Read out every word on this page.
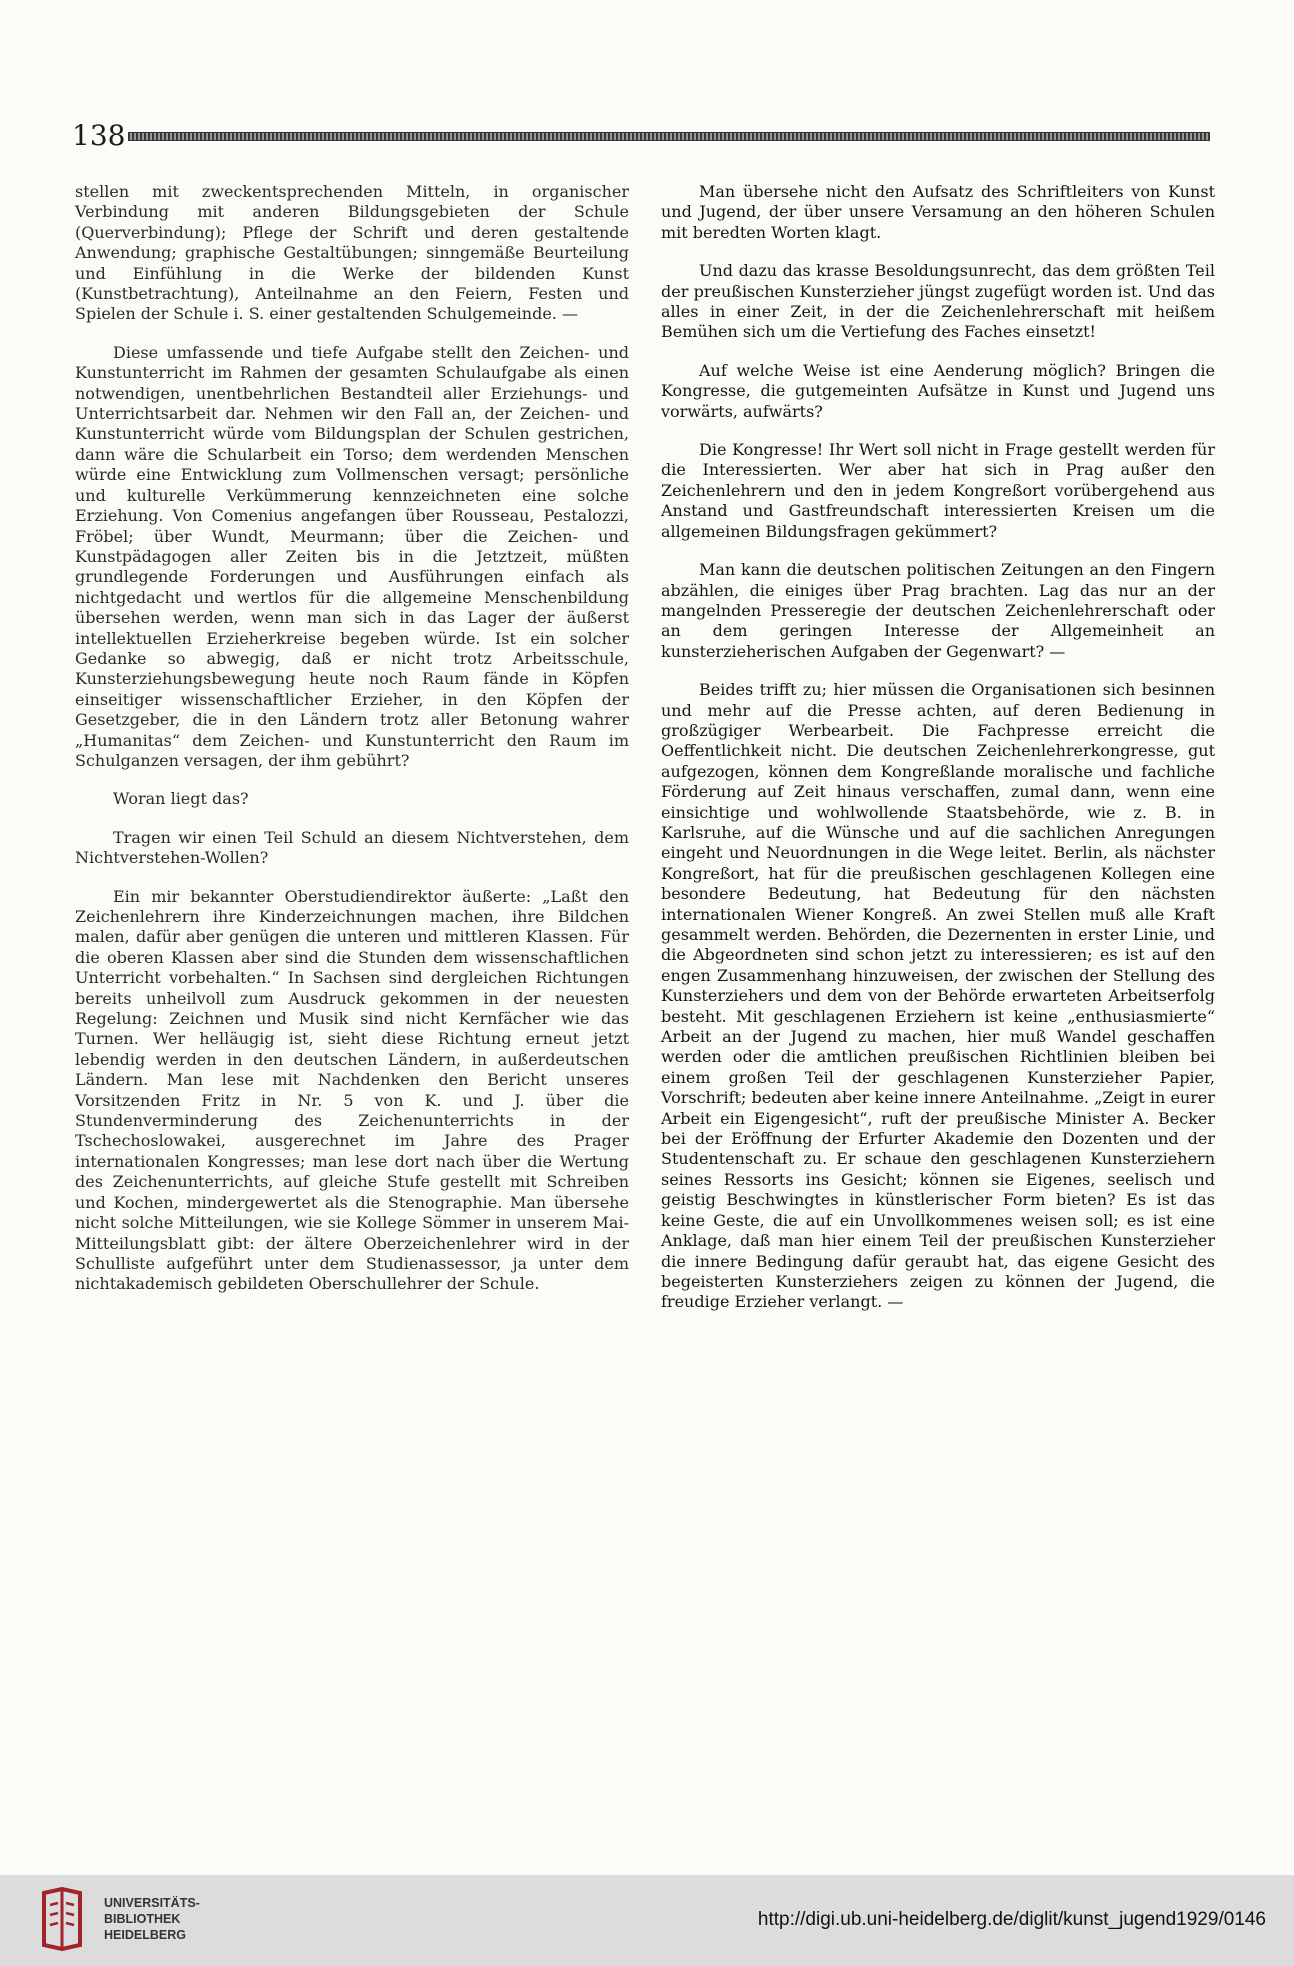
138

stellen mit zweckentsprechenden Mitteln, in organischer Verbindung mit anderen Bildungsgebieten der Schule (Querverbindung); Pflege der Schrift und deren gestaltende Anwendung; graphische Gestaltübungen; sinngemäße Beurteilung und Einfühlung in die Werke der bildenden Kunst (Kunstbetrachtung), Anteilnahme an den Feiern, Festen und Spielen der Schule i. S. einer gestaltenden Schulgemeinde. —

Diese umfassende und tiefe Aufgabe stellt den Zeichen- und Kunstunterricht im Rahmen der gesamten Schulaufgabe als einen notwendigen, unentbehrlichen Bestandteil aller Erziehungs- und Unterrichtsarbeit dar. Nehmen wir den Fall an, der Zeichen- und Kunstunterricht würde vom Bildungsplan der Schulen gestrichen, dann wäre die Schularbeit ein Torso; dem werdenden Menschen würde eine Entwicklung zum Vollmenschen versagt; persönliche und kulturelle Verkümmerung kennzeichneten eine solche Erziehung. Von Comenius angefangen über Rousseau, Pestalozzi, Fröbel; über Wundt, Meurmann; über die Zeichen- und Kunstpädagogen aller Zeiten bis in die Jetztzeit, müßten grundlegende Forderungen und Ausführungen einfach als nichtgedacht und wertlos für die allgemeine Menschenbildung übersehen werden, wenn man sich in das Lager der äußerst intellektuellen Erzieherkreise begeben würde. Ist ein solcher Gedanke so abwegig, daß er nicht trotz Arbeitsschule, Kunsterziehungsbewegung heute noch Raum fände in Köpfen einseitiger wissenschaftlicher Erzieher, in den Köpfen der Gesetzgeber, die in den Ländern trotz aller Betonung wahrer „Humanitas“ dem Zeichen- und Kunstunterricht den Raum im Schulganzen versagen, der ihm gebührt?

Woran liegt das?

Tragen wir einen Teil Schuld an diesem Nichtverstehen, dem Nichtverstehen-Wollen?

Ein mir bekannter Oberstudiendirektor äußerte: „Laßt den Zeichenlehrern ihre Kinderzeichnungen machen, ihre Bildchen malen, dafür aber genügen die unteren und mittleren Klassen. Für die oberen Klassen aber sind die Stunden dem wissenschaftlichen Unterricht vorbehalten.“ In Sachsen sind dergleichen Richtungen bereits unheilvoll zum Ausdruck gekommen in der neuesten Regelung: Zeichnen und Musik sind nicht Kernfächer wie das Turnen. Wer helläugig ist, sieht diese Richtung erneut jetzt lebendig werden in den deutschen Ländern, in außerdeutschen Ländern. Man lese mit Nachdenken den Bericht unseres Vorsitzenden Fritz in Nr. 5 von K. und J. über die Stundenverminderung des Zeichenunterrichts in der Tschechoslowakei, ausgerechnet im Jahre des Prager internationalen Kongresses; man lese dort nach über die Wertung des Zeichenunterrichts, auf gleiche Stufe gestellt mit Schreiben und Kochen, mindergewertet als die Stenographie. Man übersehe nicht solche Mitteilungen, wie sie Kollege Sömmer in unserem Mai-Mitteilungsblatt gibt: der ältere Oberzeichenlehrer wird in der Schulliste aufgeführt unter dem Studienassessor, ja unter dem nichtakademisch gebildeten Oberschullehrer der Schule.

Man übersehe nicht den Aufsatz des Schriftleiters von Kunst und Jugend, der über unsere Versamung an den höheren Schulen mit beredten Worten klagt.

Und dazu das krasse Besoldungsunrecht, das dem größten Teil der preußischen Kunsterzieher jüngst zugefügt worden ist. Und das alles in einer Zeit, in der die Zeichenlehrerschaft mit heißem Bemühen sich um die Vertiefung des Faches einsetzt!

Auf welche Weise ist eine Aenderung möglich? Bringen die Kongresse, die gutgemeinten Aufsätze in Kunst und Jugend uns vorwärts, aufwärts?

Die Kongresse! Ihr Wert soll nicht in Frage gestellt werden für die Interessierten. Wer aber hat sich in Prag außer den Zeichenlehrern und den in jedem Kongreßort vorübergehend aus Anstand und Gastfreundschaft interessierten Kreisen um die allgemeinen Bildungsfragen gekümmert?

Man kann die deutschen politischen Zeitungen an den Fingern abzählen, die einiges über Prag brachten. Lag das nur an der mangelnden Presseregie der deutschen Zeichenlehrerschaft oder an dem geringen Interesse der Allgemeinheit an kunsterzieherischen Aufgaben der Gegenwart? —

Beides trifft zu; hier müssen die Organisationen sich besinnen und mehr auf die Presse achten, auf deren Bedienung in großzügiger Werbearbeit. Die Fachpresse erreicht die Oeffentlichkeit nicht. Die deutschen Zeichenlehrerkongresse, gut aufgezogen, können dem Kongreßlande moralische und fachliche Förderung auf Zeit hinaus verschaffen, zumal dann, wenn eine einsichtige und wohlwollende Staatsbehörde, wie z. B. in Karlsruhe, auf die Wünsche und auf die sachlichen Anregungen eingeht und Neuordnungen in die Wege leitet. Berlin, als nächster Kongreßort, hat für die preußischen geschlagenen Kollegen eine besondere Bedeutung, hat Bedeutung für den nächsten internationalen Wiener Kongreß. An zwei Stellen muß alle Kraft gesammelt werden. Behörden, die Dezernenten in erster Linie, und die Abgeordneten sind schon jetzt zu interessieren; es ist auf den engen Zusammenhang hinzuweisen, der zwischen der Stellung des Kunsterziehers und dem von der Behörde erwarteten Arbeitserfolg besteht. Mit geschlagenen Erziehern ist keine „enthusiasmierte“ Arbeit an der Jugend zu machen, hier muß Wandel geschaffen werden oder die amtlichen preußischen Richtlinien bleiben bei einem großen Teil der geschlagenen Kunsterzieher Papier, Vorschrift; bedeuten aber keine innere Anteilnahme. „Zeigt in eurer Arbeit ein Eigengesicht“, ruft der preußische Minister A. Becker bei der Eröffnung der Erfurter Akademie den Dozenten und der Studentenschaft zu. Er schaue den geschlagenen Kunsterziehern seines Ressorts ins Gesicht; können sie Eigenes, seelisch und geistig Beschwingtes in künstlerischer Form bieten? Es ist das keine Geste, die auf ein Unvollkommenes weisen soll; es ist eine Anklage, daß man hier einem Teil der preußischen Kunsterzieher die innere Bedingung dafür geraubt hat, das eigene Gesicht des begeisterten Kunsterziehers zeigen zu können der Jugend, die freudige Erzieher verlangt. —

UNIVERSITÄTS-
BIBLIOTHEK
HEIDELBERG
http://digi.ub.uni-heidelberg.de/diglit/kunst_jugend1929/0146
